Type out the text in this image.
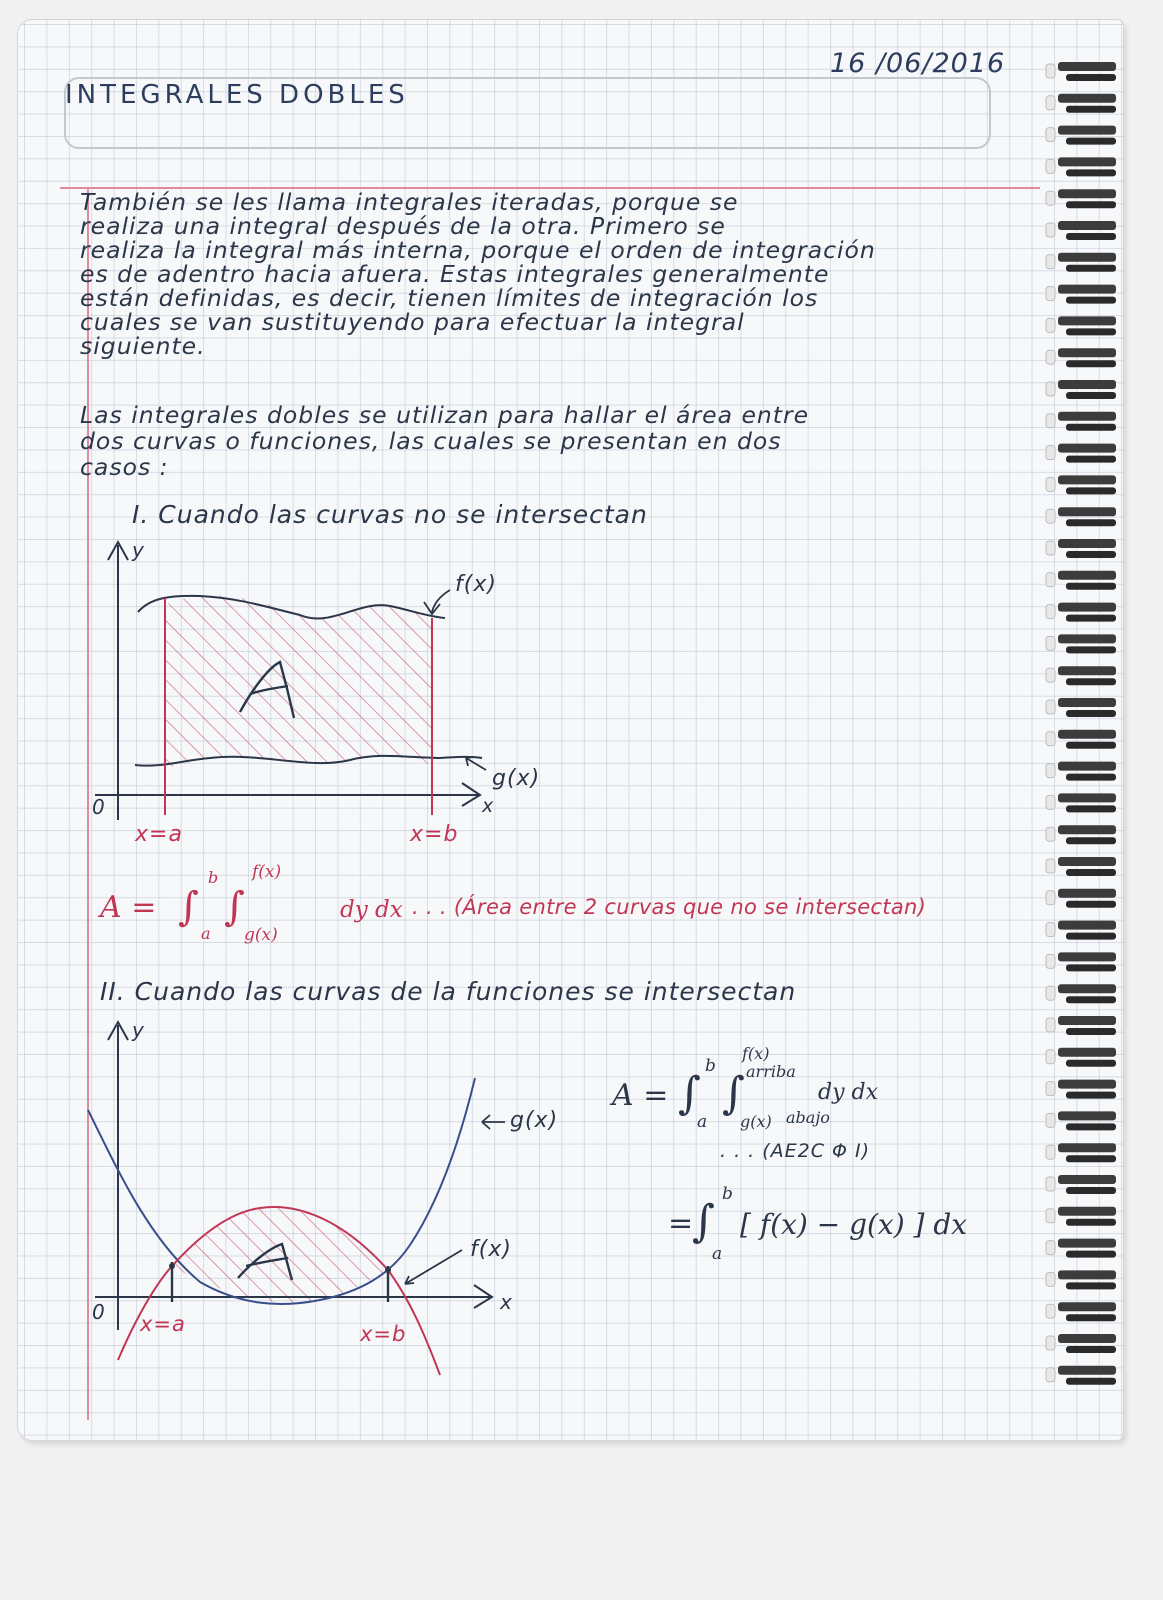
INTEGRALES DOBLES
16 /06/2016
También se les llama integrales iteradas, porque se
realiza una integral después de la otra. Primero se
realiza la integral más interna, porque el orden de integración
es de adentro hacia afuera. Estas integrales generalmente
están definidas, es decir, tienen límites de integración los
cuales se van sustituyendo para efectuar la integral
siguiente.
Las integrales dobles se utilizan para hallar el área entre
dos curvas o funciones, las cuales se presentan en dos
casos :
I. Cuando las curvas no se intersectan
y
x
0
f(x)
g(x)
x=a	x=b
A = ∫
b
a
∫
f(x)
g(x)
dy dx . . . (Área entre 2 curvas que no se intersectan)
II. Cuando las curvas de la funciones se intersectan
y
x
0
g(x)
f(x)
x=a	x=b
A = ∫
b
a
∫
f(x)
arriba
g(x) abajo
dy dx
. . . (AE2C Φ I)
=
∫
b
a
[ f(x) − g(x) ] dx
